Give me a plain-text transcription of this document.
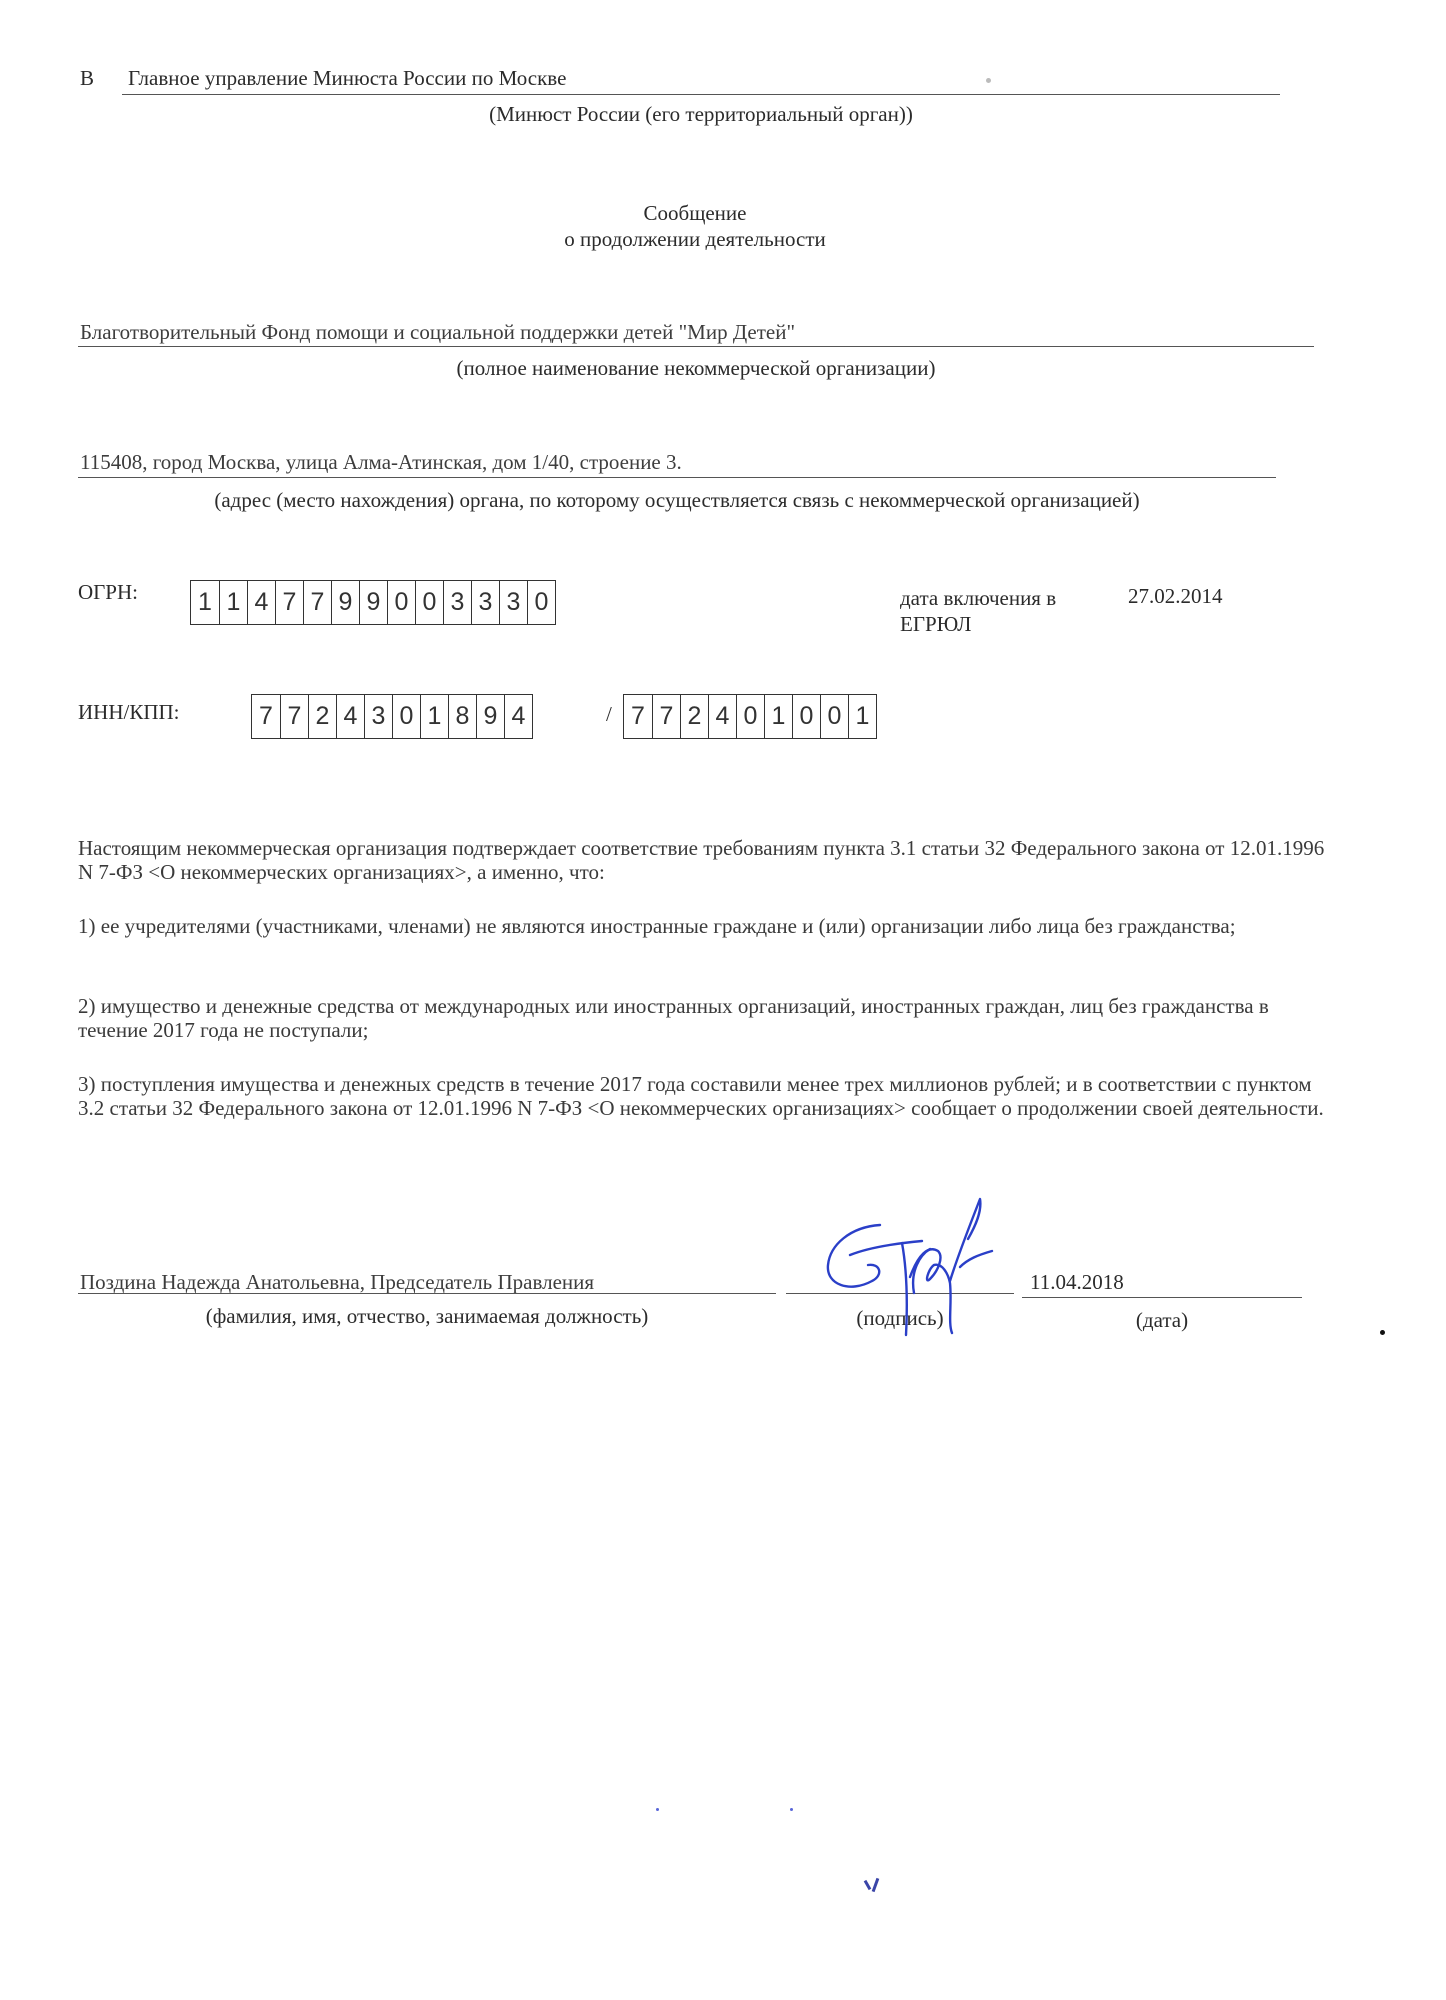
В Главное управление Минюста России по Москве
(Минюст России (его территориальный орган))
Сообщение
о продолжении деятельности
Благотворительный Фонд помощи и социальной поддержки детей "Мир Детей"
(полное наименование некоммерческой организации)
115408, город Москва, улица Алма-Атинская, дом 1/40, строение 3.
(адрес (место нахождения) органа, по которому осуществляется связь с некоммерческой организацией)
ОГРН: 1 1 4 7 7 9 9 0 0 3 3 3 0	дата включения в
ЕГРЮЛ
27.02.2014
ИНН/КПП:	7 7 2 4 3 0 1 8 9 4	/ 7 7 2 4 0 1 0 0 1
Настоящим некоммерческая организация подтверждает соответствие требованиям пункта 3.1 статьи 32 Федерального закона от 12.01.1996 N 7-ФЗ <О некоммерческих организациях>, а именно, что:
1) ее учредителями (участниками, членами) не являются иностранные граждане и (или) организации либо лица без гражданства;
2) имущество и денежные средства от международных или иностранных организаций, иностранных граждан, лиц без гражданства в течение 2017 года не поступали;
3) поступления имущества и денежных средств в течение 2017 года составили менее трех миллионов рублей; и в соответствии с пунктом 3.2 статьи 32 Федерального закона от 12.01.1996 N 7-ФЗ <О некоммерческих организациях> сообщает о продолжении своей деятельности.
Поздина Надежда Анатольевна, Председатель Правления
(фамилия, имя, отчество, занимаемая должность)	(подпись)
11.04.2018
(дата)
